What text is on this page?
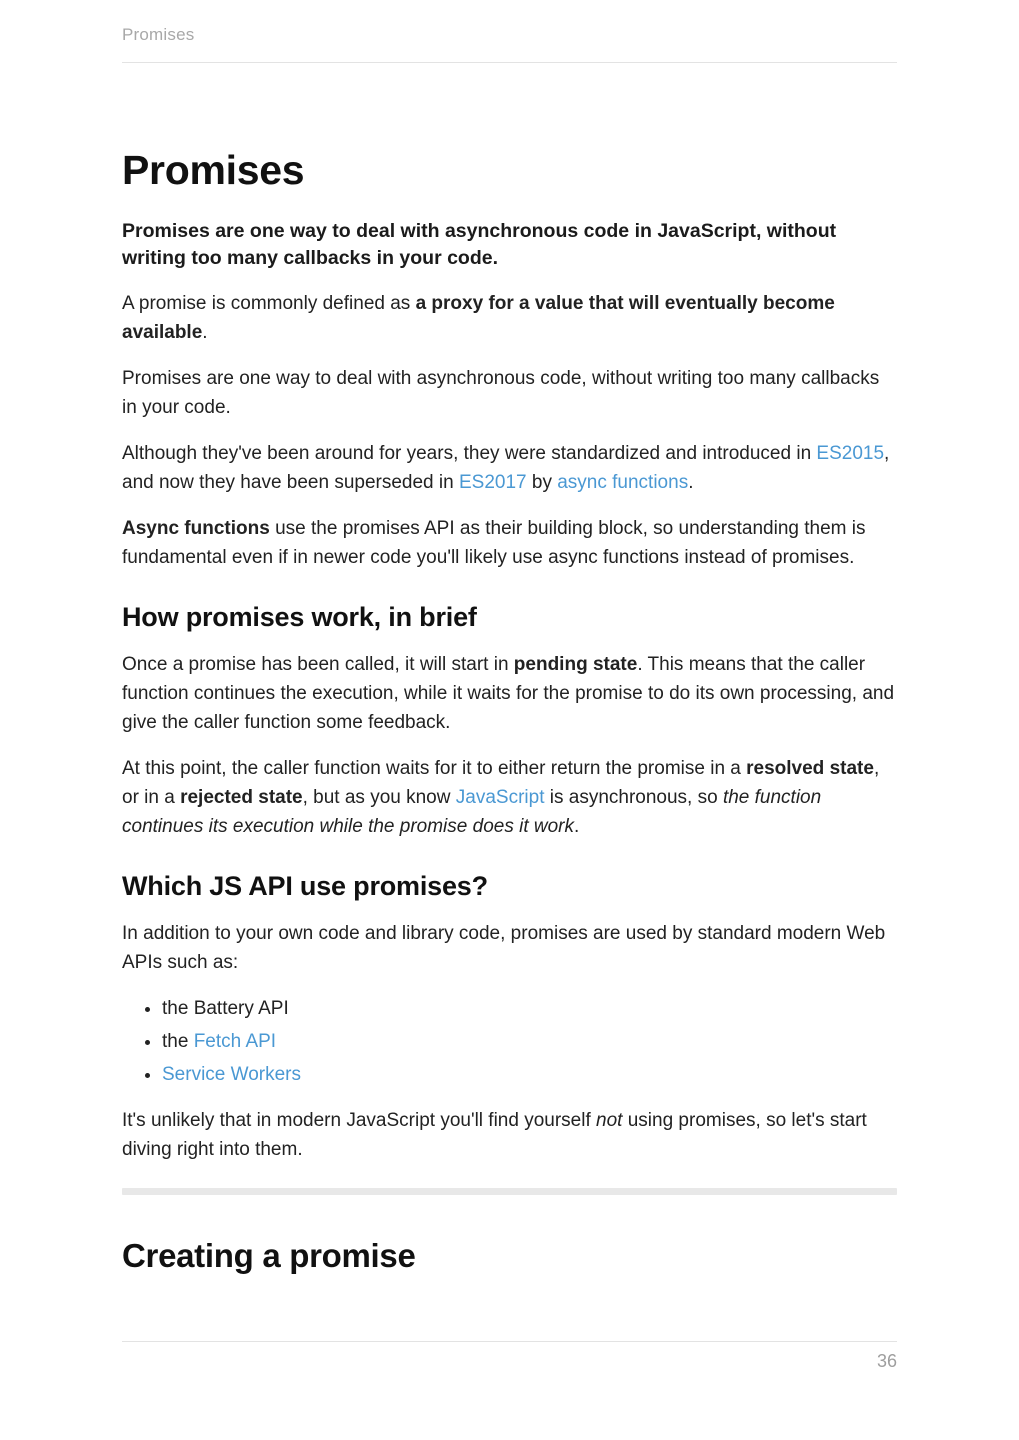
Promises
Promises

Promises are one way to deal with asynchronous code in JavaScript, without writing too many callbacks in your code.

A promise is commonly defined as a proxy for a value that will eventually become available.

Promises are one way to deal with asynchronous code, without writing too many callbacks in your code.

Although they've been around for years, they were standardized and introduced in ES2015, and now they have been superseded in ES2017 by async functions.

Async functions use the promises API as their building block, so understanding them is fundamental even if in newer code you'll likely use async functions instead of promises.

How promises work, in brief

Once a promise has been called, it will start in pending state. This means that the caller function continues the execution, while it waits for the promise to do its own processing, and give the caller function some feedback.

At this point, the caller function waits for it to either return the promise in a resolved state, or in a rejected state, but as you know JavaScript is asynchronous, so the function continues its execution while the promise does it work.

Which JS API use promises?

In addition to your own code and library code, promises are used by standard modern Web APIs such as:

• the Battery API
• the Fetch API
• Service Workers

It's unlikely that in modern JavaScript you'll find yourself not using promises, so let's start diving right into them.

Creating a promise
36
